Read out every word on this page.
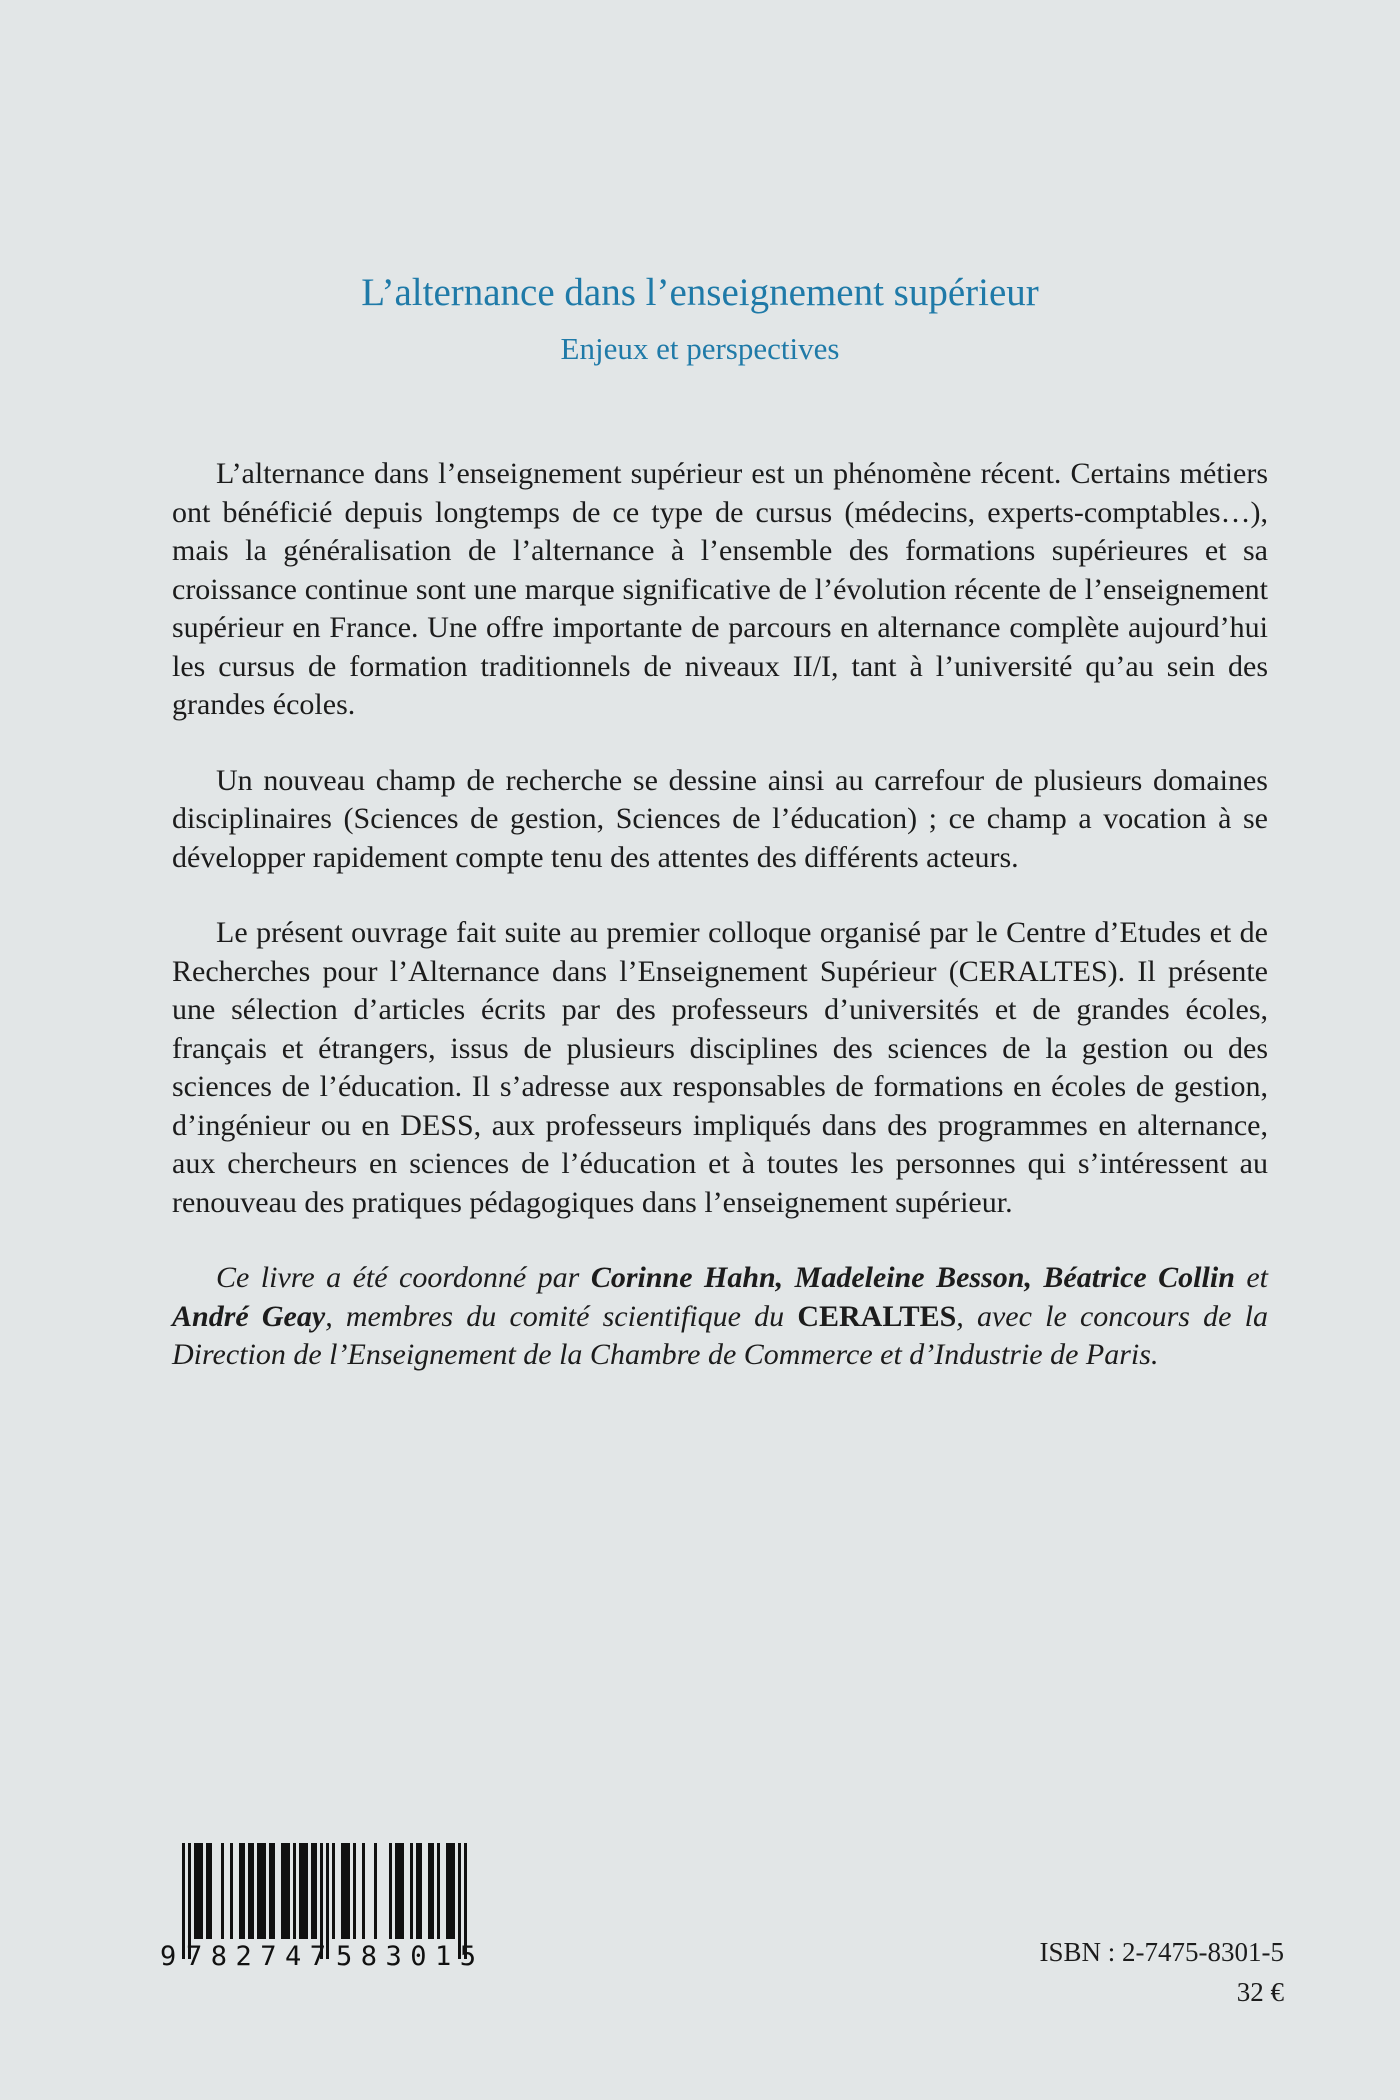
L’alternance dans l’enseignement supérieur
Enjeux et perspectives

L’alternance dans l’enseignement supérieur est un phénomène récent. Certains métiers ont bénéficié depuis longtemps de ce type de cursus (médecins, experts-comptables…), mais la généralisation de l’alternance à l’ensemble des formations supérieures et sa croissance continue sont une marque significative de l’évolution récente de l’enseignement supérieur en France. Une offre importante de parcours en alternance complète aujourd’hui les cursus de formation traditionnels de niveaux II/I, tant à l’université qu’au sein des grandes écoles.

Un nouveau champ de recherche se dessine ainsi au carrefour de plusieurs domaines disciplinaires (Sciences de gestion, Sciences de l’éducation) ; ce champ a vocation à se développer rapidement compte tenu des attentes des différents acteurs.

Le présent ouvrage fait suite au premier colloque organisé par le Centre d’Etudes et de Recherches pour l’Alternance dans l’Enseignement Supérieur (CERALTES). Il présente une sélection d’articles écrits par des professeurs d’universités et de grandes écoles, français et étrangers, issus de plusieurs disciplines des sciences de la gestion ou des sciences de l’éducation. Il s’adresse aux responsables de formations en écoles de gestion, d’ingénieur ou en DESS, aux professeurs impliqués dans des programmes en alternance, aux chercheurs en sciences de l’éducation et à toutes les personnes qui s’intéressent au renouveau des pratiques pédagogiques dans l’enseignement supérieur.

Ce livre a été coordonné par Corinne Hahn, Madeleine Besson, Béatrice Collin et André Geay, membres du comité scientifique du CERALTES, avec le concours de la Direction de l’Enseignement de la Chambre de Commerce et d’Industrie de Paris.

9 782747 583015	ISBN : 2-7475-8301-5
32 €
